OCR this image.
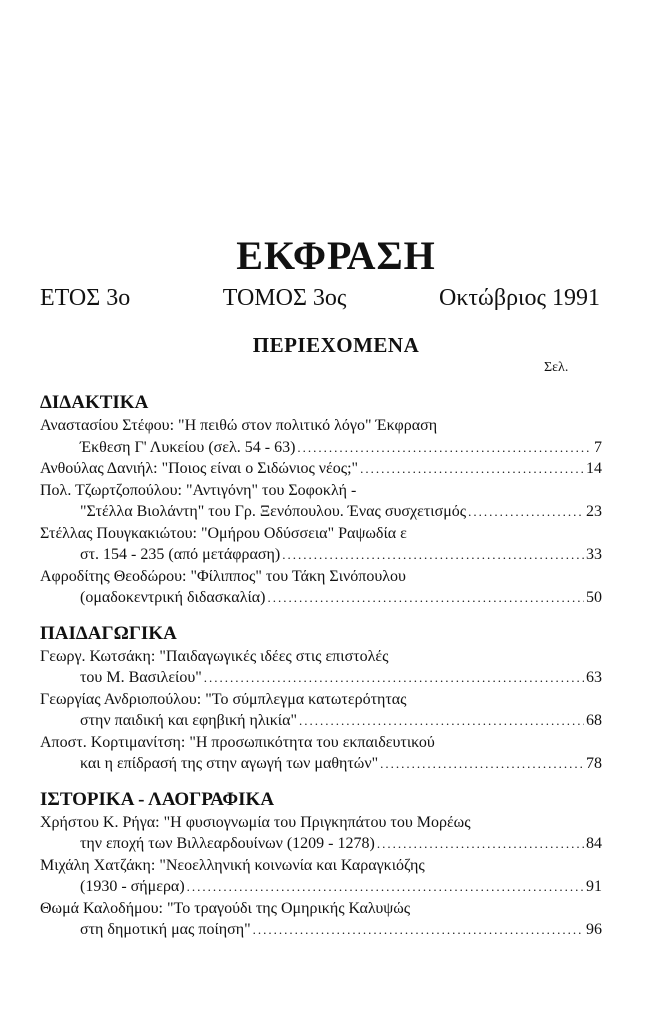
ΕΚΦΡΑΣΗ
ΕΤΟΣ 3ο	ΤΟΜΟΣ 3ος	Οκτώβριος 1991
ΠΕΡΙΕΧΟΜΕΝΑ
Σελ.
ΔΙΔΑΚΤΙΚΑ
Αναστασίου Στέφου: "Η πειθώ στον πολιτικό λόγο" Έκφραση
Έκθεση Γ' Λυκείου (σελ. 54 - 63) .....	7
Ανθούλας Δανιήλ: "Ποιος είναι ο Σιδώνιος νέος;" .....	14
Πολ. Τζωρτζοπούλου: "Αντιγόνη" του Σοφοκλή -
"Στέλλα Βιολάντη" του Γρ. Ξενόπουλου. Ένας συσχετισμός .....	23
Στέλλας Πουγκακιώτου: "Ομήρου Οδύσσεια" Ραψωδία ε
στ. 154 - 235 (από μετάφραση) .....	33
Αφροδίτης Θεοδώρου: "Φίλιππος" του Τάκη Σινόπουλου
(ομαδοκεντρική διδασκαλία) .....	50
ΠΑΙΔΑΓΩΓΙΚΑ
Γεωργ. Κωτσάκη: "Παιδαγωγικές ιδέες στις επιστολές
του Μ. Βασιλείου" .....	63
Γεωργίας Ανδριοπούλου: "Το σύμπλεγμα κατωτερότητας
στην παιδική και εφηβική ηλικία" .....	68
Αποστ. Κορτιμανίτση: "Η προσωπικότητα του εκπαιδευτικού
και η επίδρασή της στην αγωγή των μαθητών" .....	78
ΙΣΤΟΡΙΚΑ - ΛΑΟΓΡΑΦΙΚΑ
Χρήστου Κ. Ρήγα: "Η φυσιογνωμία του Πριγκηπάτου του Μορέως
την εποχή των Βιλλεαρδουίνων (1209 - 1278) .....	84
Μιχάλη Χατζάκη: "Νεοελληνική κοινωνία και Καραγκιόζης
(1930 - σήμερα) .....	91
Θωμά Καλοδήμου: "Το τραγούδι της Ομηρικής Καλυψώς
στη δημοτική μας ποίηση" .....	96
